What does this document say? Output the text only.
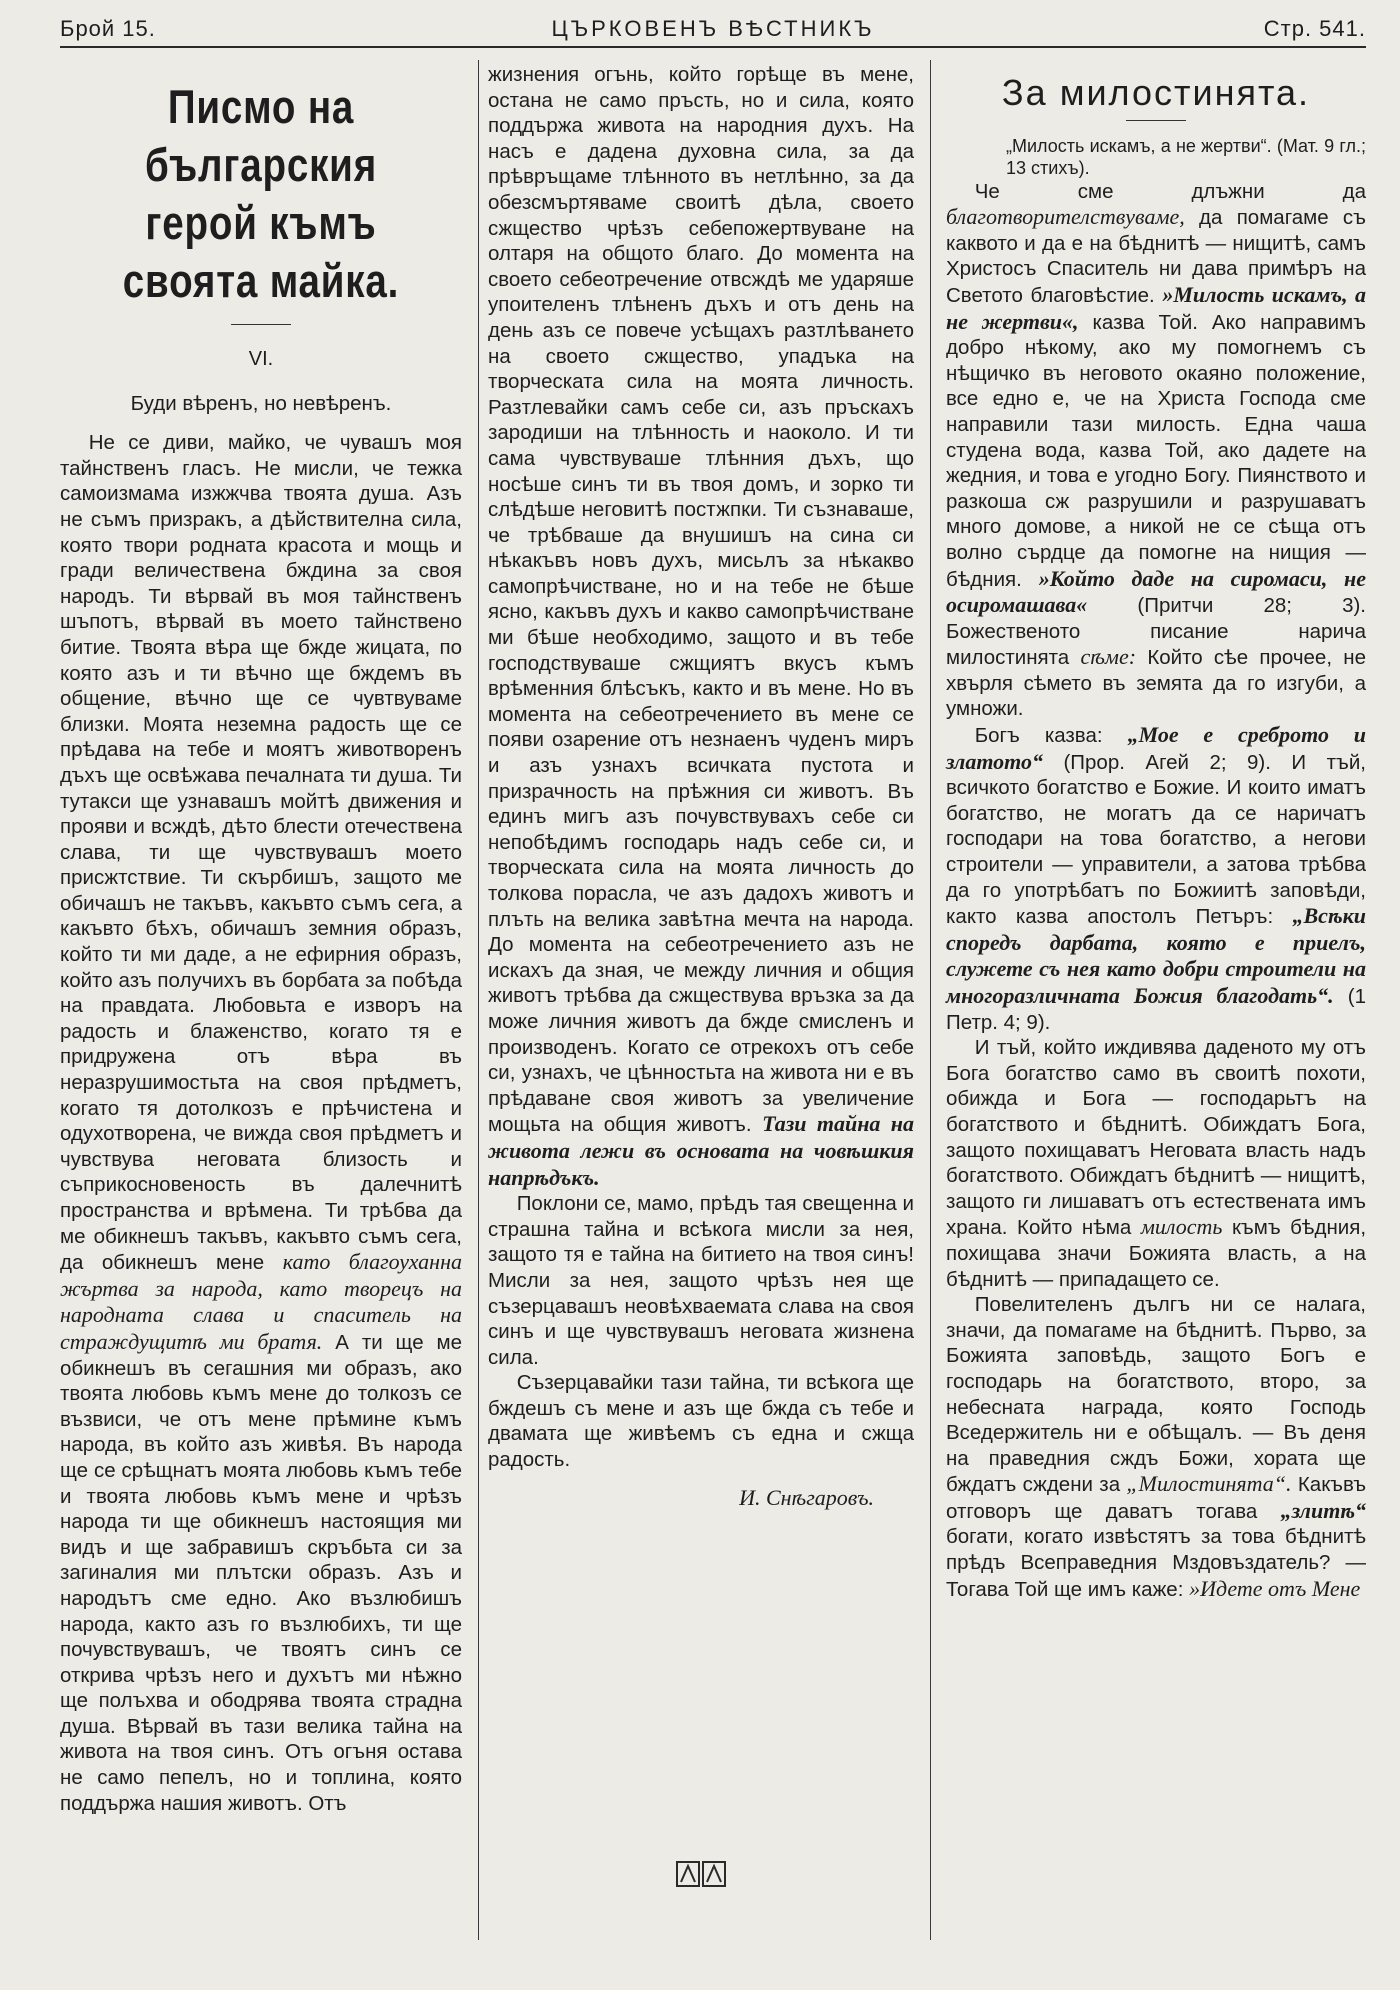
Брой 15.	ЦЪРКОВЕНЪ ВѢСТНИКЪ	Стр. 541.
Писмо на българския герой къмъ своята майка.
VI.
Буди вѣренъ, но невѣренъ.

Не се диви, майко, че чувашъ моя тайнственъ гласъ. Не мисли, че тежка самоизмама изжжчва твоята душа. Азъ не съмъ призракъ, а дѣйствителна сила, която твори родната красота и мощь и гради величествена бждина за своя народъ. Ти вѣрвай въ моя тайнственъ шъпотъ, вѣрвай въ моето тайнствено битие. Твоята вѣра ще бжде жицата, по която азъ и ти вѣчно ще бждемъ въ общение, вѣчно ще се чувтвуваме близки. Моята неземна радость ще се прѣдава на тебе и моятъ животворенъ дъхъ ще освѣжава печалната ти душа. Ти тутакси ще узнавашъ мойтѣ движения и прояви и всждѣ, дѣто блести отечествена слава, ти ще чувствувашъ моето присжтствие. Ти скърбишъ, защото ме обичашъ не такъвъ, какъвто съмъ сега, а какъвто бѣхъ, обичашъ земния образъ, който ти ми даде, а не ефирния образъ, който азъ получихъ въ борбата за побѣда на правдата. Любовьта е изворъ на радость и блаженство, когато тя е придружена отъ вѣра въ неразрушимостьта на своя прѣдметъ, когато тя дотолкозъ е прѣчистена и одухотворена, че вижда своя прѣдметъ и чувствува неговата близость и съприкосновеность въ далечнитѣ пространства и врѣмена. Ти трѣбва да ме обикнешъ такъвъ, какъвто съмъ сега, да обикнешъ мене като благоуханна жъртва за народа, като творецъ на народната слава и спаситель на страждущитѣ ми братя. А ти ще ме обикнешъ въ сегашния ми образъ, ако твоята любовь къмъ мене до толкозъ се възвиси, че отъ мене прѣмине къмъ народа, въ който азъ живѣя. Въ народа ще се срѣщнатъ моята любовь къмъ тебе и твоята любовь къмъ мене и чрѣзъ народа ти ще обикнешъ настоящия ми видъ и ще забравишъ скръбьта си за загиналия ми плътски образъ. Азъ и народътъ сме едно. Ако възлюбишъ народа, както азъ го възлюбихъ, ти ще почувствувашъ, че твоятъ синъ се открива чрѣзъ него и духътъ ми нѣжно ще полъхва и ободрява твоята страдна душа. Вѣрвай въ тази велика тайна на живота на твоя синъ. Отъ огъня остава не само пепелъ, но и топлина, която поддържа нашия животъ. Отъ

жизнения огънь, който горѣще въ мене, остана не само пръсть, но и сила, която поддържа живота на народния духъ. На насъ е дадена духовна сила, за да прѣвръщаме тлѣнното въ нетлѣнно, за да обезсмъртяваме своитѣ дѣла, своето сжщество чрѣзъ себепожертвуване на олтаря на общото благо. До момента на своето себеотречение отвсждѣ ме ударяше упоителенъ тлѣненъ дъхъ и отъ день на день азъ се повече усѣщахъ разтлѣването на своето сжщество, упадъка на творческата сила на моята личность. Разтлевайки самъ себе си, азъ пръскахъ зародиши на тлѣнность и наоколо. И ти сама чувствуваше тлѣнния дъхъ, що носѣше синъ ти въ твоя домъ, и зорко ти слѣдѣше неговитѣ постжпки. Ти съзнаваше, че трѣбваше да внушишъ на сина си нѣкакъвъ новъ духъ, мисьлъ за нѣкакво самопрѣчистване, но и на тебе не бѣше ясно, какъвъ духъ и какво самопрѣчистване ми бѣше необходимо, защото и въ тебе господствуваше сжщиятъ вкусъ къмъ врѣменния блѣсъкъ, както и въ мене. Но въ момента на себеотречението въ мене се появи озарение отъ незнаенъ чуденъ миръ и азъ узнахъ всичката пустота и призрачность на прѣжния си животъ. Въ единъ мигъ азъ почувствувахъ себе си непобѣдимъ господарь надъ себе си, и творческата сила на моята личность до толкова порасла, че азъ дадохъ животъ и плъть на велика завѣтна мечта на народа. До момента на себеотречението азъ не искахъ да зная, че между личния и общия животъ трѣбва да сжществува връзка за да може личния животъ да бжде смисленъ и производенъ. Когато се отрекохъ отъ себе си, узнахъ, че цѣнностьта на живота ни е въ прѣдаване своя животъ за увеличение мощьта на общия животъ. Тази тайна на живота лежи въ основата на човѣшкия напрѣдъкъ.

Поклони се, мамо, прѣдъ тая свещенна и страшна тайна и всѣкога мисли за нея, защото тя е тайна на битието на твоя синъ! Мисли за нея, защото чрѣзъ нея ще съзерцавашъ неовѣхваемата слава на своя синъ и ще чувствувашъ неговата жизнена сила.

Съзерцавайки тази тайна, ти всѣкога ще бждешъ съ мене и азъ ще бжда съ тебе и двамата ще живѣемъ съ една и сжща радость.

И. Снѣгаровъ.
За милостинята.

„Милость искамъ, а не жертви“. (Мат. 9 гл.; 13 стихъ).

Че сме длъжни да благотворителствуваме, да помагаме съ каквото и да е на бѣднитѣ — нищитѣ, самъ Христосъ Спаситель ни дава примѣръ на Светото благовѣстие. »Милость искамъ, а не жертви«, казва Той. Ако направимъ добро нѣкому, ако му помогнемъ съ нѣщичко въ неговото окаяно положение, все едно е, че на Христа Господа сме направили тази милость. Една чаша студена вода, казва Той, ако дадете на жедния, и това е угодно Богу. Пиянството и разкоша сж разрушили и разрушаватъ много домове, а никой не се сѣща отъ волно сърдце да помогне на нищия — бѣдния. »Който даде на сиромаси, не осиромашава« (Притчи 28; 3). Божественото писание нарича милостинята сѣме: Който сѣе прочее, не хвърля сѣмето въ земята да го изгуби, а умножи.

Богъ казва: „Мое е среброто и златото“ (Прор. Агей 2; 9). И тъй, всичкото богатство е Божие. И които иматъ богатство, не могатъ да се наричатъ господари на това богатство, а негови строители — управители, а затова трѣбва да го употрѣбатъ по Божиитѣ заповѣди, както казва апостолъ Петъръ: „Всѣки споредъ дарбата, която е приелъ, служете съ нея като добри строители на многоразличната Божия благодать“. (1 Петр. 4; 9).

И тъй, който иждивява даденото му отъ Бога богатство само въ своитѣ похоти, обижда и Бога — господарьтъ на богатството и бѣднитѣ. Обиждатъ Бога, защото похищаватъ Неговата власть надъ богатството. Обиждатъ бѣднитѣ — нищитѣ, защото ги лишаватъ отъ естествената имъ храна. Който нѣма милость къмъ бѣдния, похищава значи Божията власть, а на бѣднитѣ — припадащето се.

Повелителенъ дългъ ни се налага, значи, да помагаме на бѣднитѣ. Първо, за Божията заповѣдь, защото Богъ е господарь на богатството, второ, за небесната награда, която Господь Вседержитель ни е обѣщалъ. — Въ деня на праведния сждъ Божи, хората ще бждатъ сждени за „Милостинята“. Какъвъ отговоръ ще даватъ тогава „злитѣ“ богати, когато извѣстятъ за това бѣднитѣ прѣдъ Всеправедния Мздовъздатель? — Тогава Той ще имъ каже: »Идете отъ Мене
